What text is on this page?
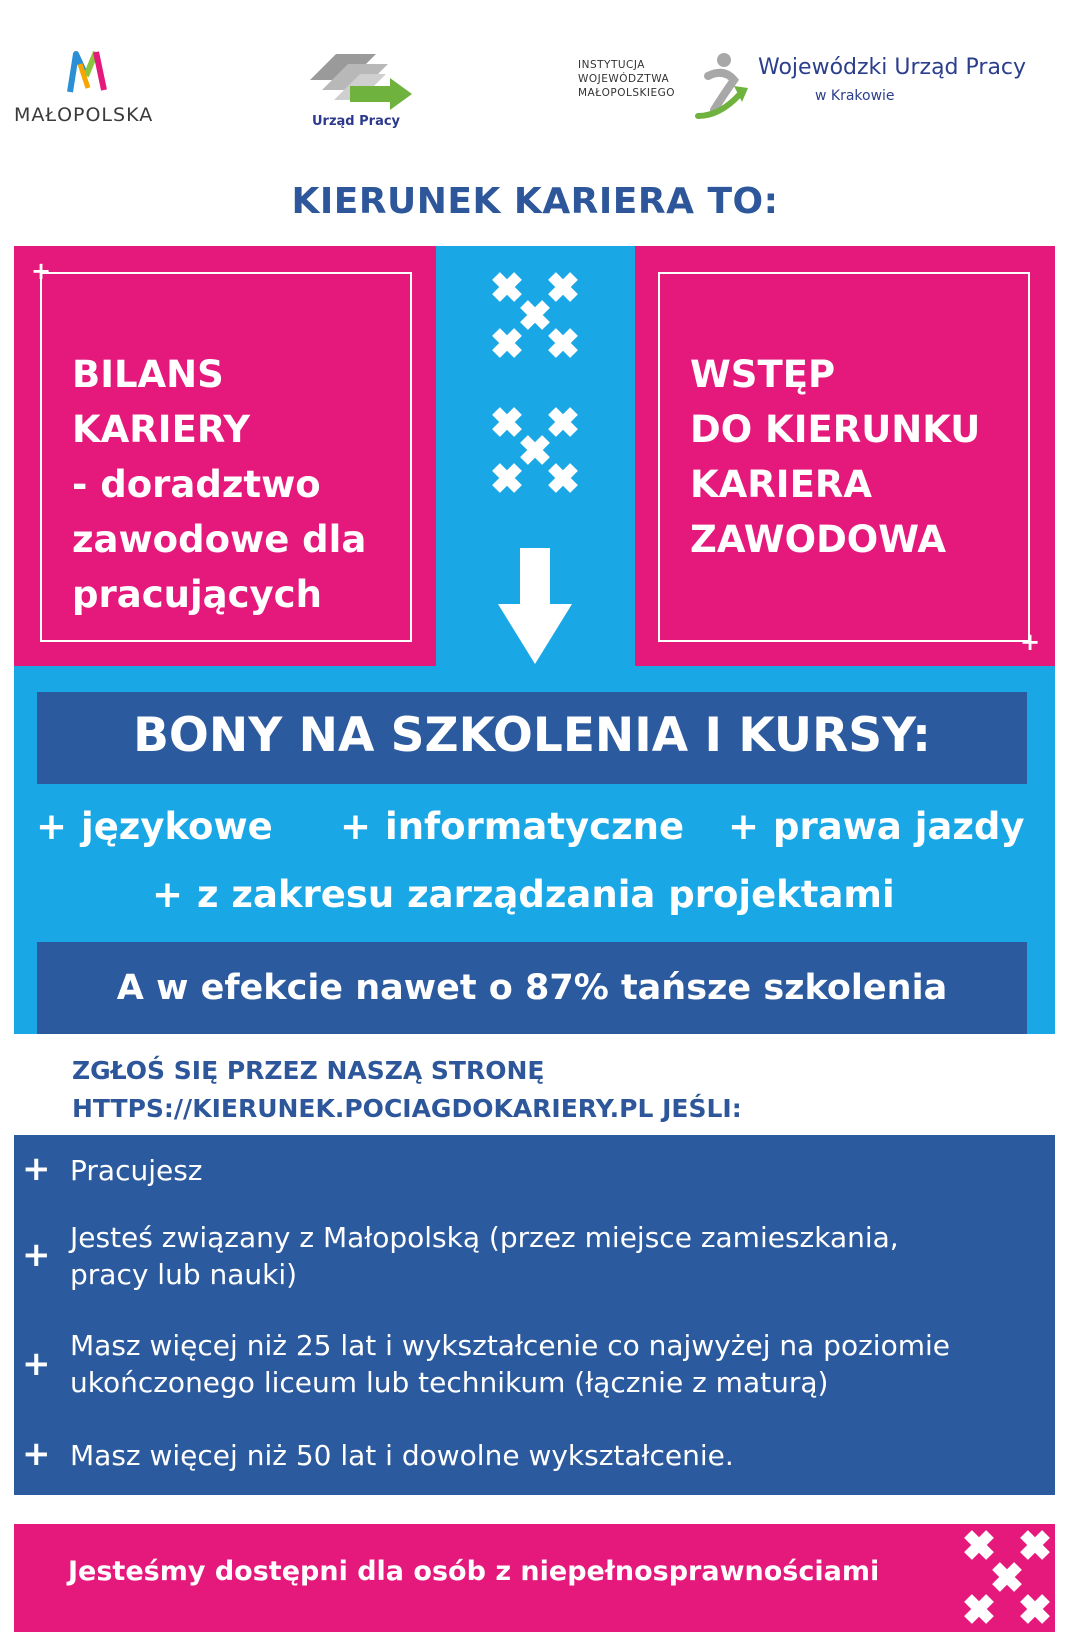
MAŁOPOLSKA	Urząd Pracy
INSTYTUCJA
WOJEWÓDZTWA
MAŁOPOLSKIEGO
Wojewódzki Urząd Pracy
w Krakowie
KIERUNEK KARIERA TO:
+
BILANS KARIERY
- doradztwo
zawodowe dla
pracujących
+
WSTĘP
DO KIERUNKU
KARIERA
ZAWODOWA
BONY NA SZKOLENIA I KURSY:
+ językowe + informatyczne + prawa jazdy
+ z zakresu zarządzania projektami
A w efekcie nawet o 87% tańsze szkolenia
ZGŁOŚ SIĘ PRZEZ NASZĄ STRONĘ
HTTPS://KIERUNEK.POCIAGDOKARIERY.PL JEŚLI:
+ Pracujesz
+ Jesteś związany z Małopolską (przez miejsce zamieszkania,
pracy lub nauki)
+ Masz więcej niż 25 lat i wykształcenie co najwyżej na poziomie
ukończonego liceum lub technikum (łącznie z maturą)
+ Masz więcej niż 50 lat i dowolne wykształcenie.
Jesteśmy dostępni dla osób z niepełnosprawnościami
